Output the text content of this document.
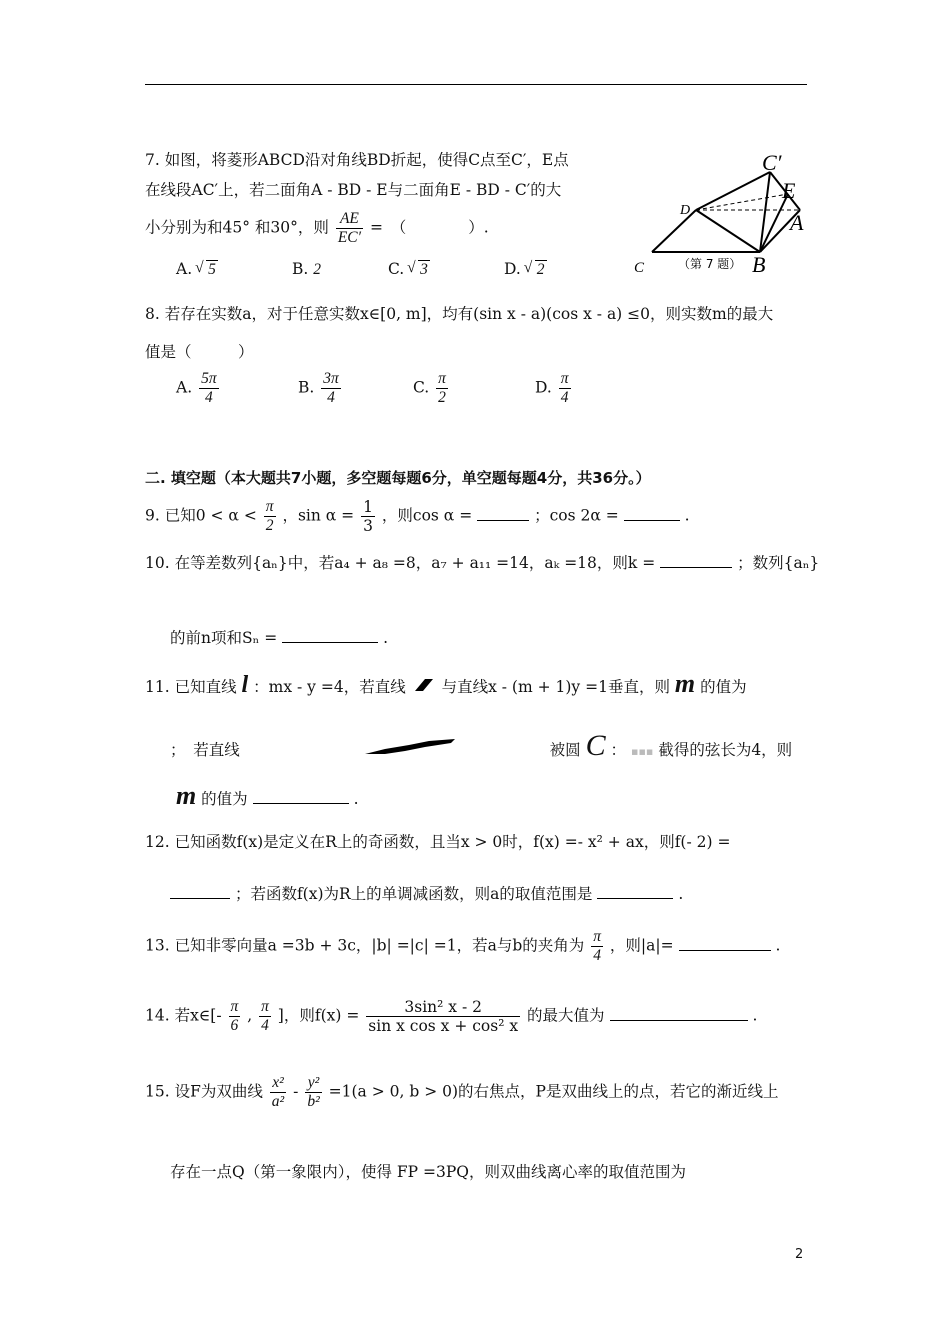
7. 如图，将菱形ABCD沿对角线BD折起，使得C点至C′，E点
在线段AC′上，若二面角A - BD - E与二面角E - BD - C′的大
小分别为和45° 和30°，则 $\frac{AE}{EC'}$ =　（　　　　）.
C′
E
D	A
C	B
（第 7 题）
A. √ 5	B. 2	C. √ 3	D. √ 2
8. 若存在实数a，对于任意实数x∈[0, m]，均有(sin x - a)(cos x - a) ≤0，则实数m的最大
值是（　　　）
A. $\frac{5\pi}{4}$	B. $\frac{3\pi}{4}$	C. $\frac{\pi}{2}$	D. $\frac{\pi}{4}$
二. 填空题（本大题共7小题，多空题每题6分，单空题每题4分，共36分。）
9. 已知$0 < \alpha < \frac{\pi}{2}$ ，$\sin \alpha = \frac{1}{3}$ ，则cos α =	；cos 2α =	.
10. 在等差数列{aₙ}中，若a₄ + a₈ =8，a₇ + a₁₁ =14，aₖ =18，则k =	；数列{aₙ}
的前n项和Sₙ =	.
11. 已知直线 l ：mx - y =4，若直线 与直线x - (m + 1)y =1垂直，则 m 的值为
；　若直线	被圆 C ： ▪▪▪ 截得的弦长为4，则
m 的值为	.
12. 已知函数f(x)是定义在R上的奇函数，且当x > 0时，f(x) =- x² + ax，则f(- 2) =
；若函数f(x)为R上的单调减函数，则a的取值范围是	.
13. 已知非零向量a =3b + 3c，|b| =|c| =1，若a与b的夹角为 $\frac{\pi}{4}$ ，则|a|=	.
14. 若x∈[- $\frac{\pi}{6}$ , $\frac{\pi}{4}$ ]，则$f(x) = \frac{\text{3sin² x - 2}}{\text{sin x cos x + cos² x}}$ 的最大值为	.
15. 设F为双曲线 $\frac{\text{x²}}{\text{a²}} - \frac{\text{y²}}{\text{b²}} =1(a > 0$, b > 0)的右焦点，P是双曲线上的点，若它的渐近线上
存在一点Q（第一象限内），使得 FP =3PQ，则双曲线离心率的取值范围为
2
